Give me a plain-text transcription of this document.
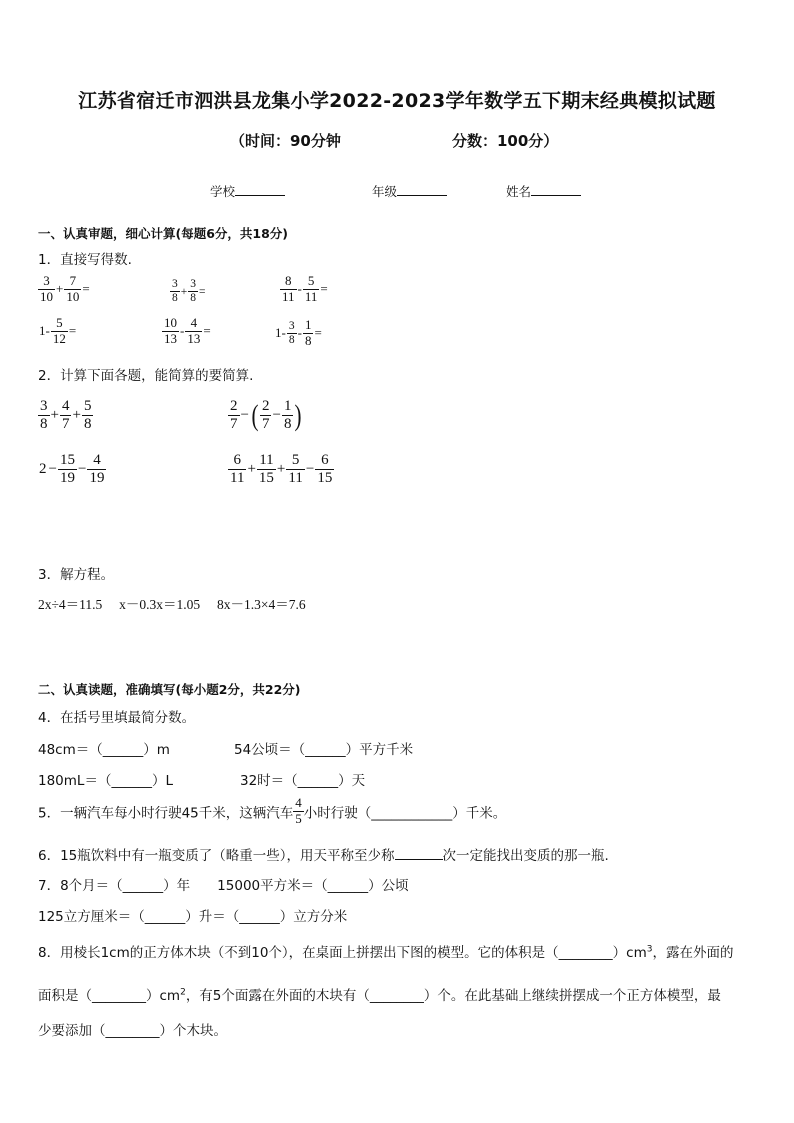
江苏省宿迁市泗洪县龙集小学2022-2023学年数学五下期末经典模拟试题
（时间：90分钟	分数：100分）
学校	年级	姓名
一、认真审题，细心计算(每题6分，共18分)
1．直接写得数.
$\frac{3}{10} + \frac{7}{10}$ =	$\frac{3}{8} + \frac{3}{8}$ =	$\frac{8}{11} - \frac{5}{11}$ =
$1- \frac{5}{12}$ =	$\frac{10}{13} - \frac{4}{13}$ =	$1- \frac{3}{8} - \frac{1}{8}$ =
2．计算下面各题，能简算的要简算.
$\frac{3}{8} + \frac{4}{7} + \frac{5}{8}$	$\frac{2}{7}$ −( $\frac{2}{7} - \frac{1}{8}$ )
$2 - \frac{15}{19} - \frac{4}{19}$	$\frac{6}{11} + \frac{11}{15} + \frac{5}{11} - \frac{6}{15}$
3．解方程。
2x÷4＝11.5　 x－0.3x＝1.05　 8x－1.3×4＝7.6
二、认真读题，准确填写(每小题2分，共22分)
4．在括号里填最简分数。
48cm＝（______）m	54公顷＝（______）平方千米
180mL＝（______）L	32时＝（______）天
5．一辆汽车每小时行驶45千米，这辆汽车 $\frac{4}{5}$ 小时行驶（____________）千米。
6．15瓶饮料中有一瓶变质了（略重一些），用天平称至少称	次一定能找出变质的那一瓶.
7．8个月＝（______）年　　15000平方米＝（______）公顷
125立方厘米＝（______）升＝（______）立方分米
8．用棱长1cm的正方体木块（不到10个），在桌面上拼摆出下图的模型。它的体积是$(\_\_\_\_\_\_\_\_)cm^3$，露在外面的
面积是$(\_\_\_\_\_\_\_\_)cm^2$，有5个面露在外面的木块有（________）个。在此基础上继续拼摆成一个正方体模型，最
少要添加（________）个木块。
